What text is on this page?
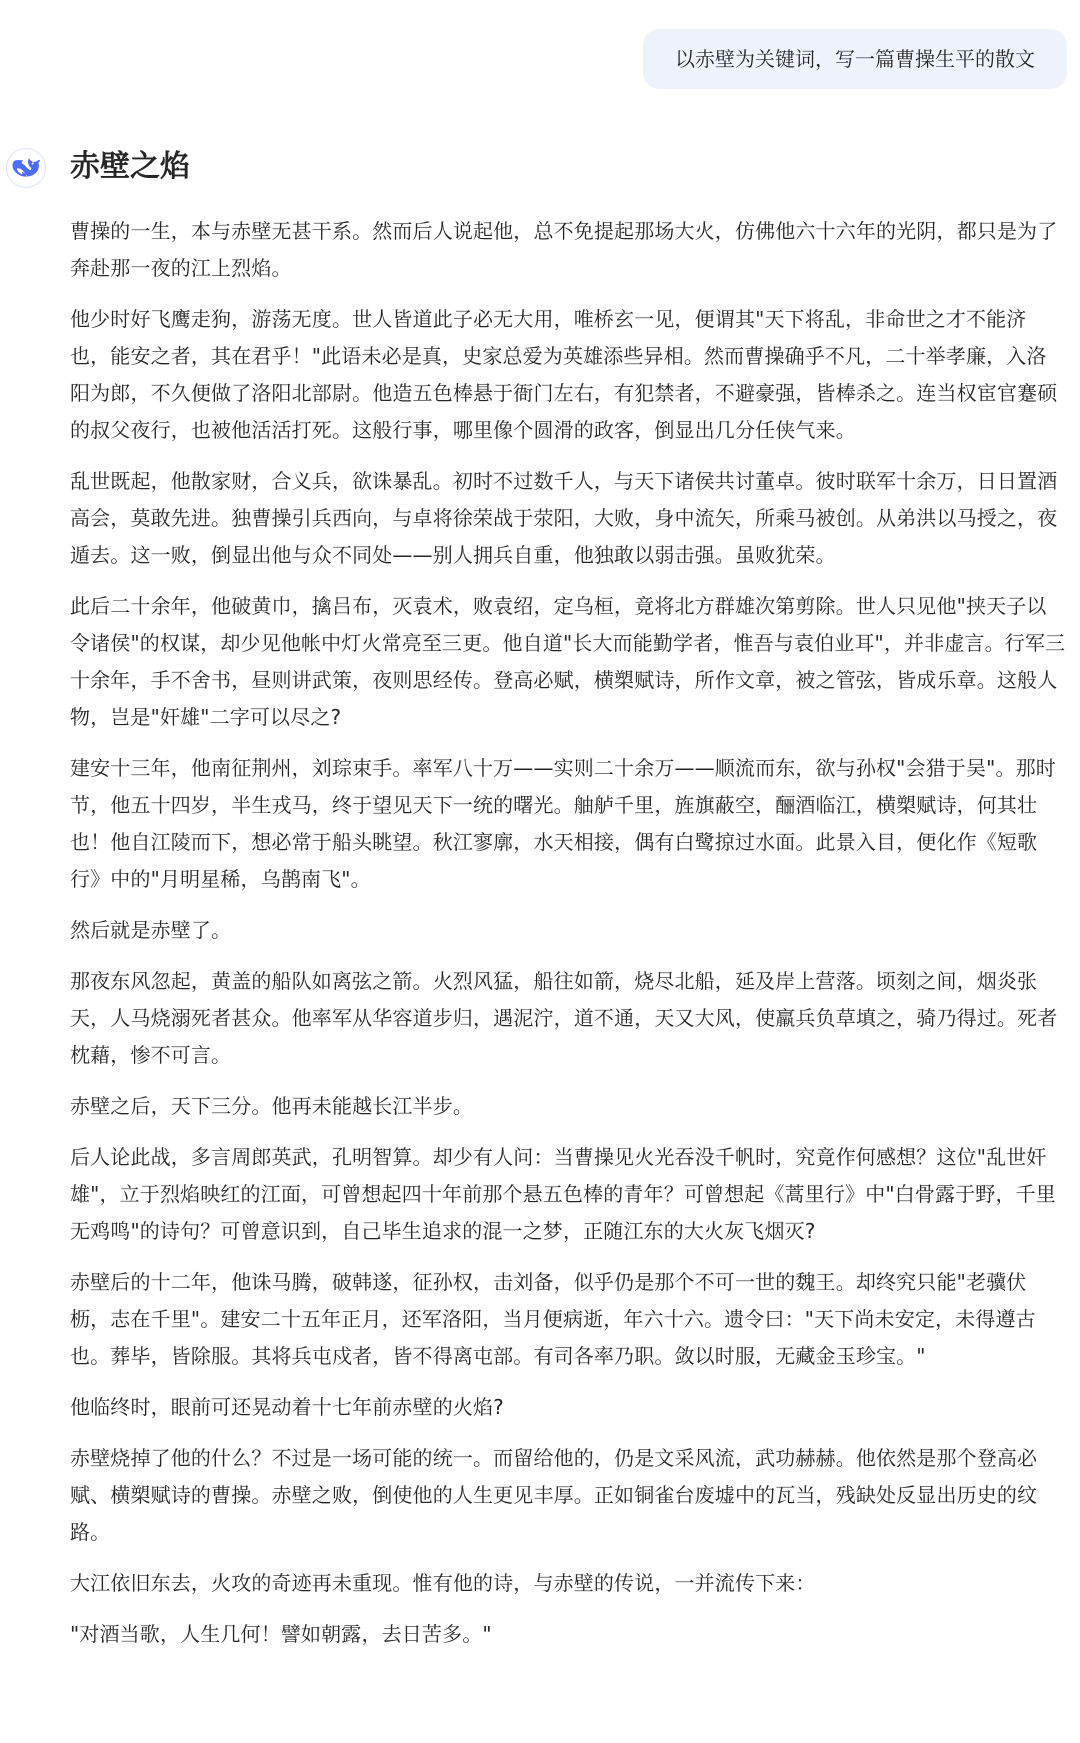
以赤壁为关键词，写一篇曹操生平的散文
赤壁之焰

曹操的一生，本与赤壁无甚干系。然而后人说起他，总不免提起那场大火，仿佛他六十六年的光阴，都只是为了奔赴那一夜的江上烈焰。

他少时好飞鹰走狗，游荡无度。世人皆道此子必无大用，唯桥玄一见，便谓其"天下将乱，非命世之才不能济也，能安之者，其在君乎！"此语未必是真，史家总爱为英雄添些异相。然而曹操确乎不凡，二十举孝廉，入洛阳为郎，不久便做了洛阳北部尉。他造五色棒悬于衙门左右，有犯禁者，不避豪强，皆棒杀之。连当权宦官蹇硕的叔父夜行，也被他活活打死。这般行事，哪里像个圆滑的政客，倒显出几分任侠气来。

乱世既起，他散家财，合义兵，欲诛暴乱。初时不过数千人，与天下诸侯共讨董卓。彼时联军十余万，日日置酒高会，莫敢先进。独曹操引兵西向，与卓将徐荣战于荥阳，大败，身中流矢，所乘马被创。从弟洪以马授之，夜遁去。这一败，倒显出他与众不同处——别人拥兵自重，他独敢以弱击强。虽败犹荣。

此后二十余年，他破黄巾，擒吕布，灭袁术，败袁绍，定乌桓，竟将北方群雄次第剪除。世人只见他"挟天子以令诸侯"的权谋，却少见他帐中灯火常亮至三更。他自道"长大而能勤学者，惟吾与袁伯业耳"，并非虚言。行军三十余年，手不舍书，昼则讲武策，夜则思经传。登高必赋，横槊赋诗，所作文章，被之管弦，皆成乐章。这般人物，岂是"奸雄"二字可以尽之?

建安十三年，他南征荆州，刘琮束手。率军八十万——实则二十余万——顺流而东，欲与孙权"会猎于吴"。那时节，他五十四岁，半生戎马，终于望见天下一统的曙光。舳舻千里，旌旗蔽空，酾酒临江，横槊赋诗，何其壮也！他自江陵而下，想必常于船头眺望。秋江寥廓，水天相接，偶有白鹭掠过水面。此景入目，便化作《短歌行》中的"月明星稀，乌鹊南飞"。

然后就是赤壁了。

那夜东风忽起，黄盖的船队如离弦之箭。火烈风猛，船往如箭，烧尽北船，延及岸上营落。顷刻之间，烟炎张天，人马烧溺死者甚众。他率军从华容道步归，遇泥泞，道不通，天又大风，使羸兵负草填之，骑乃得过。死者枕藉，惨不可言。

赤壁之后，天下三分。他再未能越长江半步。

后人论此战，多言周郎英武，孔明智算。却少有人问：当曹操见火光吞没千帆时，究竟作何感想？这位"乱世奸雄"，立于烈焰映红的江面，可曾想起四十年前那个悬五色棒的青年？可曾想起《蒿里行》中"白骨露于野，千里无鸡鸣"的诗句？可曾意识到，自己毕生追求的混一之梦，正随江东的大火灰飞烟灭?

赤壁后的十二年，他诛马腾，破韩遂，征孙权，击刘备，似乎仍是那个不可一世的魏王。却终究只能"老骥伏枥，志在千里"。建安二十五年正月，还军洛阳，当月便病逝，年六十六。遗令曰："天下尚未安定，未得遵古也。葬毕，皆除服。其将兵屯戍者，皆不得离屯部。有司各率乃职。敛以时服，无藏金玉珍宝。"

他临终时，眼前可还晃动着十七年前赤壁的火焰?

赤壁烧掉了他的什么？不过是一场可能的统一。而留给他的，仍是文采风流，武功赫赫。他依然是那个登高必赋、横槊赋诗的曹操。赤壁之败，倒使他的人生更见丰厚。正如铜雀台废墟中的瓦当，残缺处反显出历史的纹路。

大江依旧东去，火攻的奇迹再未重现。惟有他的诗，与赤壁的传说，一并流传下来：

"对酒当歌，人生几何！譬如朝露，去日苦多。"
